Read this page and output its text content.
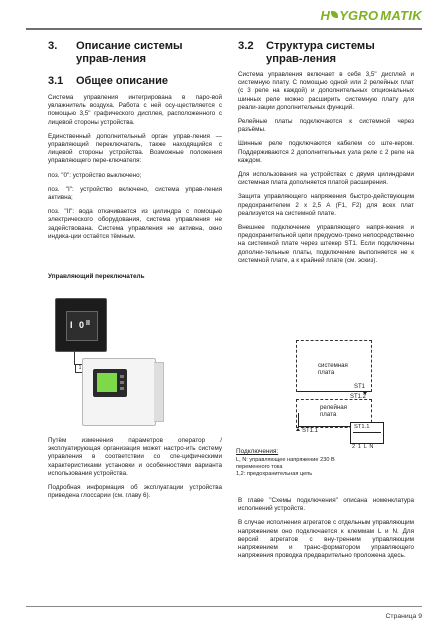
H YGRO M ATIK
3.	Описание системы управ-ления
3.1	Общее описание

Система управления интегрирована в паро-вой увлажнитель воздуха. Работа с ней осу-ществляется с помощью 3,5" графического дисплея, расположенного с лицевой стороны устройства.

Единственный дополнительный орган управ-ления — управляющий переключатель, также находящийся с лицевой стороны устройства. Возможные положения управляющего пере-ключателя:

поз. "0": устройство выключено;

поз. "I": устройство включено, система управ-ления активна;

поз. "II": вода откачивается из цилиндра с помощью электрического оборудования, система управления не задействована. Система управления не активна, окно индика-ции остаётся тёмным.

Управляющий переключатель
I 0 II
1

Путём изменения параметров оператор / эксплуатирующая организация может настро-ить систему управления в соответствии со спе-цифическими характеристиками установки и особенностями варианта использования устройства.

Подробная информация об эксплуатации устройства приведена глоссарии (см. главу 6).

3.2	Структура системы управ-ления

Система управления включает в себя 3,5" дисплей и системную плату. С помощью одной или 2 релейных плат (с 3 реле на каждой) и дополнительных опциональных шинных реле можно расширить системную плату для реали-зации дополнительных функций.

Релейные платы подключаются к системной через разъёмы.

Шинные реле подключаются кабелем со ште-кером. Поддерживаются 2 дополнительных узла реле с 2 реле на каждом.

Для использования на устройствах с двумя цилиндрами системная плата дополняется платой расширения.

Защита управляющего напряжения быстро-действующим предохранителем 2 х 2,5 А (F1, F2) для всех плат реализуется на системной плате.

Внешнее подключение управляющего напря-жения и предохранительной цепи предусмо-трено непосредственно на системной плате через штекер ST1. Если подключены дополни-тельные платы, подключение выполняется не к системной плате, а к крайней плате (см. эскиз).

системная плата
ST1
ST1.2
релейная плата
ST1.1
ST1.1
2 1 L N
Подключения:
L, N: управляющее напряжение 230 В
переменного тока
1,2: предохранительная цепь

В главе "Схемы подключения" описана номенклатура исполнений устройств.

В случае исполнения агрегатов с отдельным управляющим напряжением оно подключается к клеммам L и N. Для версий агрегатов с вну-тренним управляющим напряжением и транс-форматором управляющего напряжения проводка предварительно проложена здесь.

Страница 9
